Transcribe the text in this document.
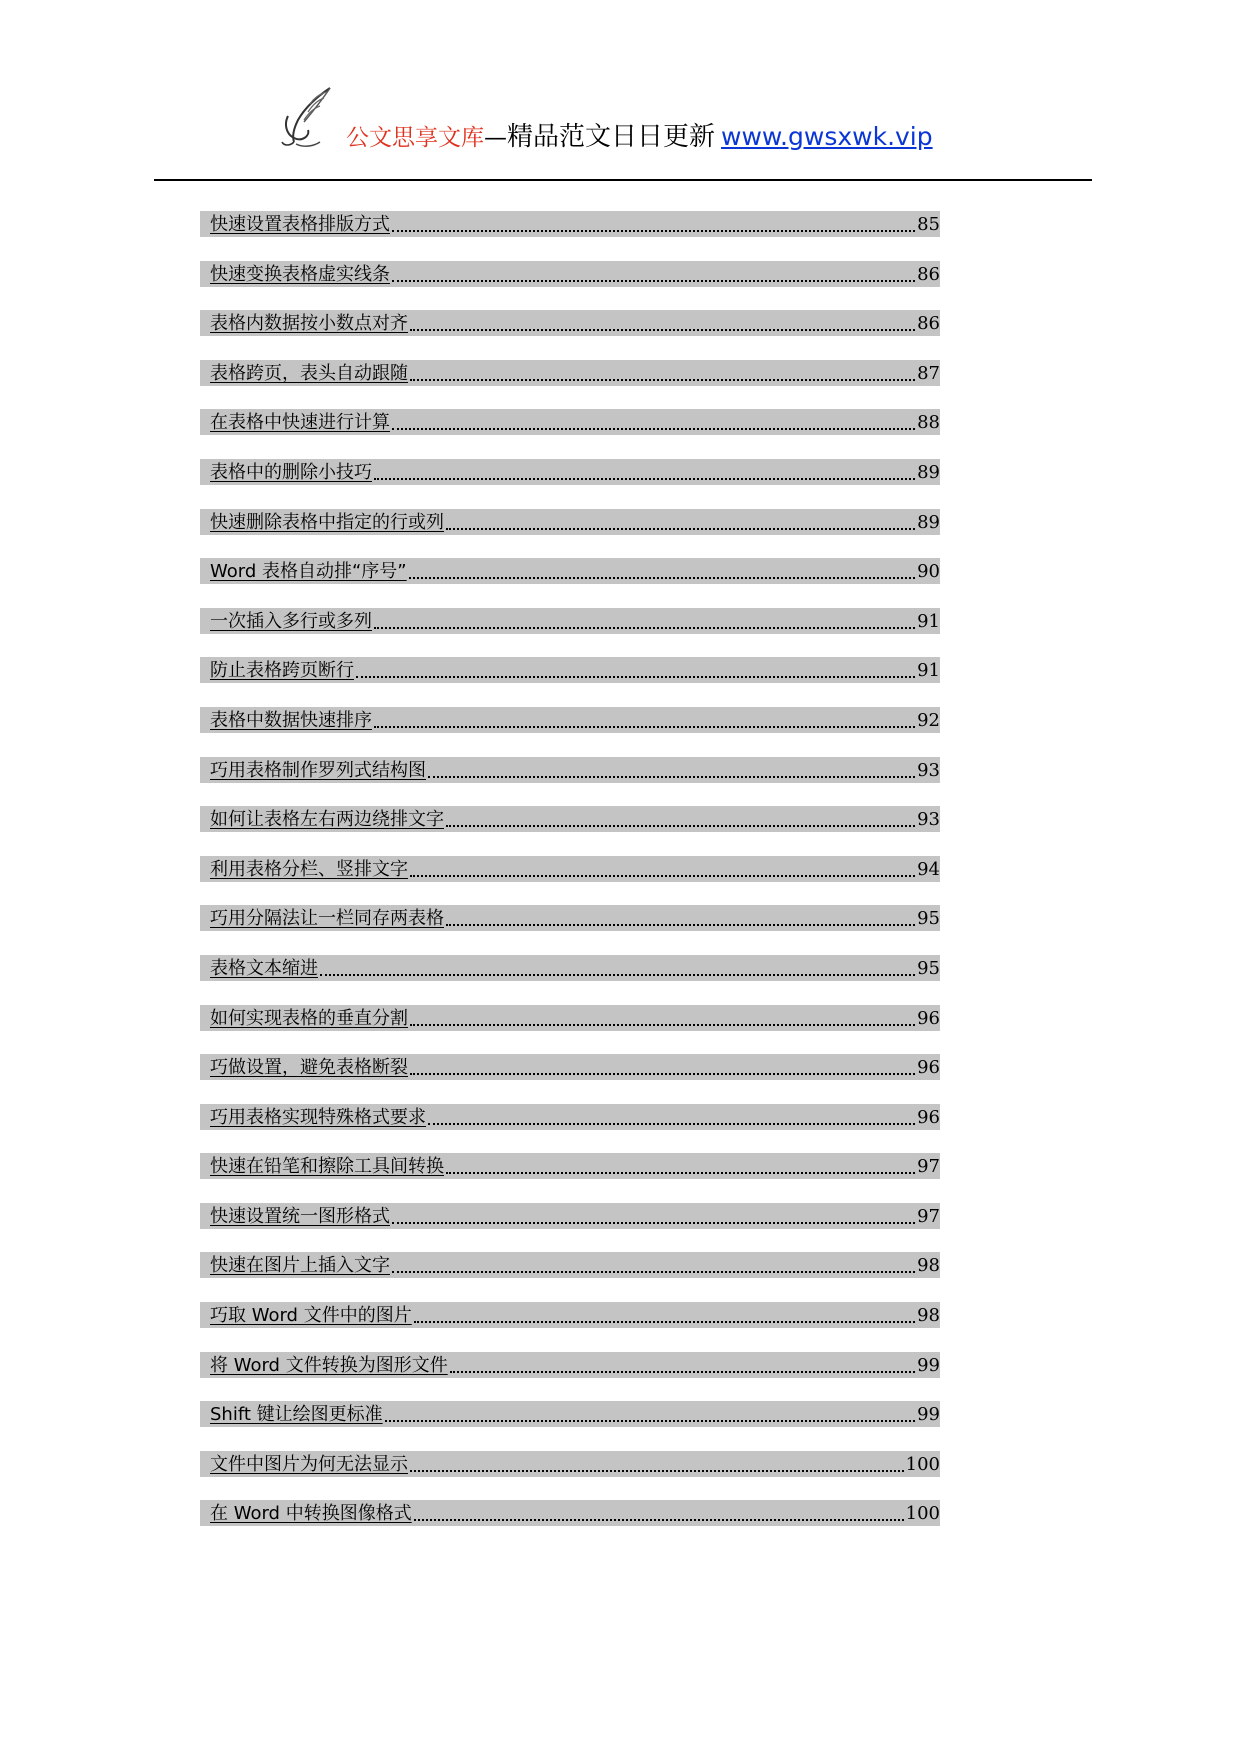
公文思享文库—精品范文日日更新 www.gwsxwk.vip
快速设置表格排版方式	85
快速变换表格虚实线条	86
表格内数据按小数点对齐	86
表格跨页，表头自动跟随	87
在表格中快速进行计算	88
表格中的删除小技巧	89
快速删除表格中指定的行或列	89
Word 表格自动排“序号”	90
一次插入多行或多列	91
防止表格跨页断行	91
表格中数据快速排序	92
巧用表格制作罗列式结构图	93
如何让表格左右两边绕排文字	93
利用表格分栏、竖排文字	94
巧用分隔法让一栏同存两表格	95
表格文本缩进	95
如何实现表格的垂直分割	96
巧做设置，避免表格断裂	96
巧用表格实现特殊格式要求	96
快速在铅笔和擦除工具间转换	97
快速设置统一图形格式	97
快速在图片上插入文字	98
巧取 Word 文件中的图片	98
将 Word 文件转换为图形文件	99
Shift 键让绘图更标准	99
文件中图片为何无法显示	100
在 Word 中转换图像格式	100
